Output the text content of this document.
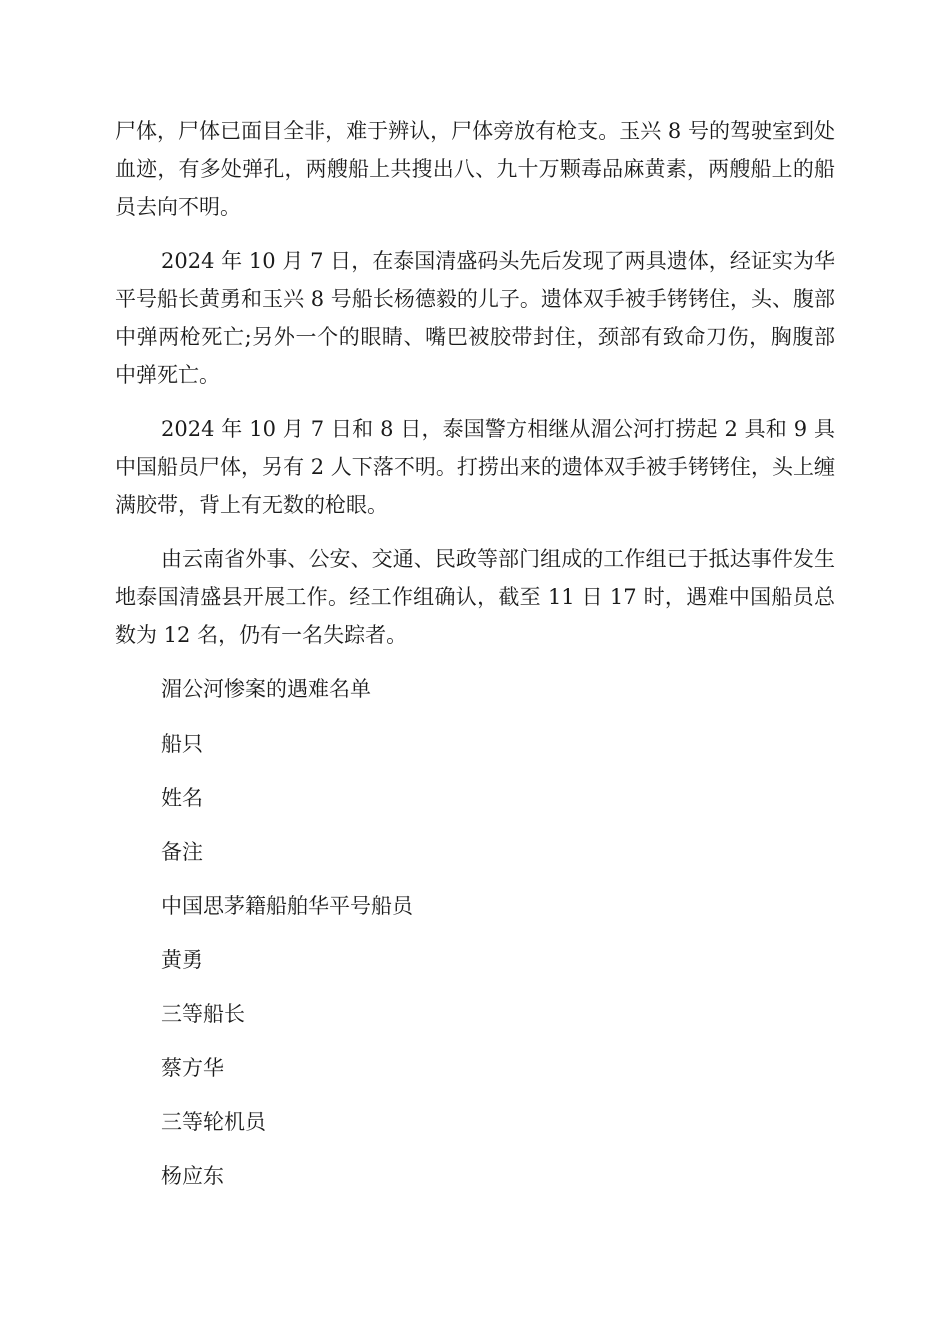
尸体，尸体已面目全非，难于辨认，尸体旁放有枪支。玉兴 8 号的驾驶室到处血迹，有多处弹孔，两艘船上共搜出八、九十万颗毒品麻黄素，两艘船上的船员去向不明。

2024 年 10 月 7 日，在泰国清盛码头先后发现了两具遗体，经证实为华平号船长黄勇和玉兴 8 号船长杨德毅的儿子。遗体双手被手铐铐住，头、腹部中弹两枪死亡;另外一个的眼睛、嘴巴被胶带封住，颈部有致命刀伤，胸腹部中弹死亡。

2024 年 10 月 7 日和 8 日，泰国警方相继从湄公河打捞起 2 具和 9 具中国船员尸体，另有 2 人下落不明。打捞出来的遗体双手被手铐铐住，头上缠满胶带，背上有无数的枪眼。

由云南省外事、公安、交通、民政等部门组成的工作组已于抵达事件发生地泰国清盛县开展工作。经工作组确认，截至 11 日 17 时，遇难中国船员总数为 12 名，仍有一名失踪者。

湄公河惨案的遇难名单

船只

姓名

备注

中国思茅籍船舶华平号船员

黄勇

三等船长

蔡方华

三等轮机员

杨应东
